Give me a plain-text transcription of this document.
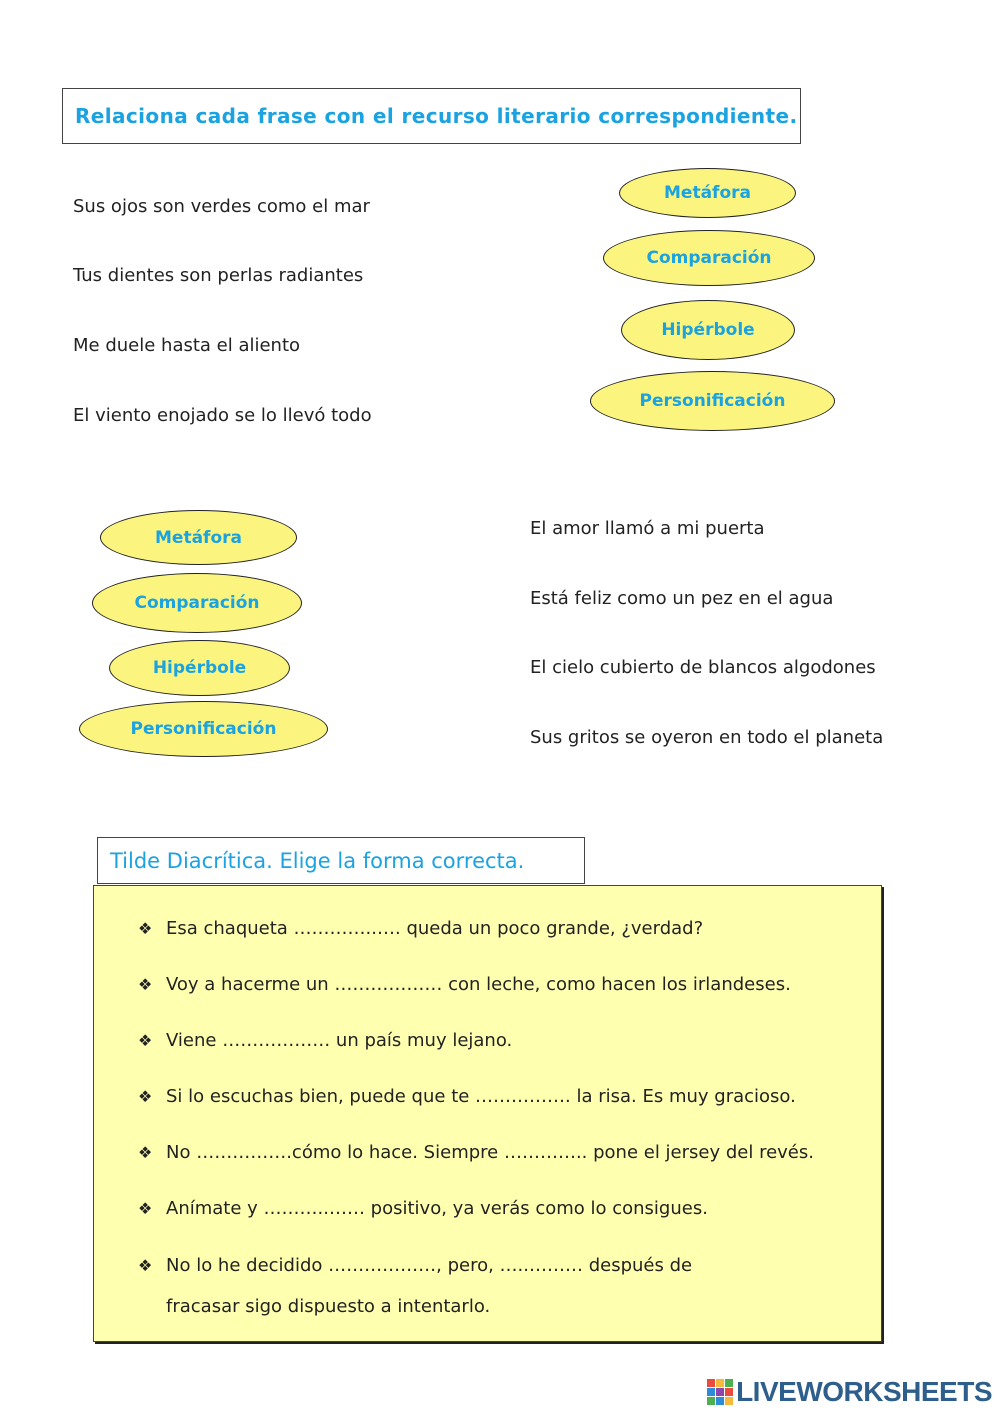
Relaciona cada frase con el recurso literario correspondiente.
Sus ojos son verdes como el mar
Tus dientes son perlas radiantes
Me duele hasta el aliento
El viento enojado se lo llevó todo
Metáfora
Comparación
Hipérbole
Personificación
Metáfora
Comparación
Hipérbole
Personificación
El amor llamó a mi puerta
Está feliz como un pez en el agua
El cielo cubierto de blancos algodones
Sus gritos se oyeron en todo el planeta
Tilde Diacrítica. Elige la forma correcta.
❖ Esa chaqueta …………..…. queda un poco grande, ¿verdad?
❖ Voy a hacerme un ……………… con leche, como hacen los irlandeses.
❖ Viene ……………… un país muy lejano.
❖ Si lo escuchas bien, puede que te ……………. la risa. Es muy gracioso.
❖ No …………….cómo lo hace. Siempre ………….. pone el jersey del revés.
❖ Anímate y ………..…… positivo, ya verás como lo consigues.
❖ No lo he decidido ………………, pero, …..……… después de
fracasar sigo dispuesto a intentarlo.
LIVEWORKSHEETS
